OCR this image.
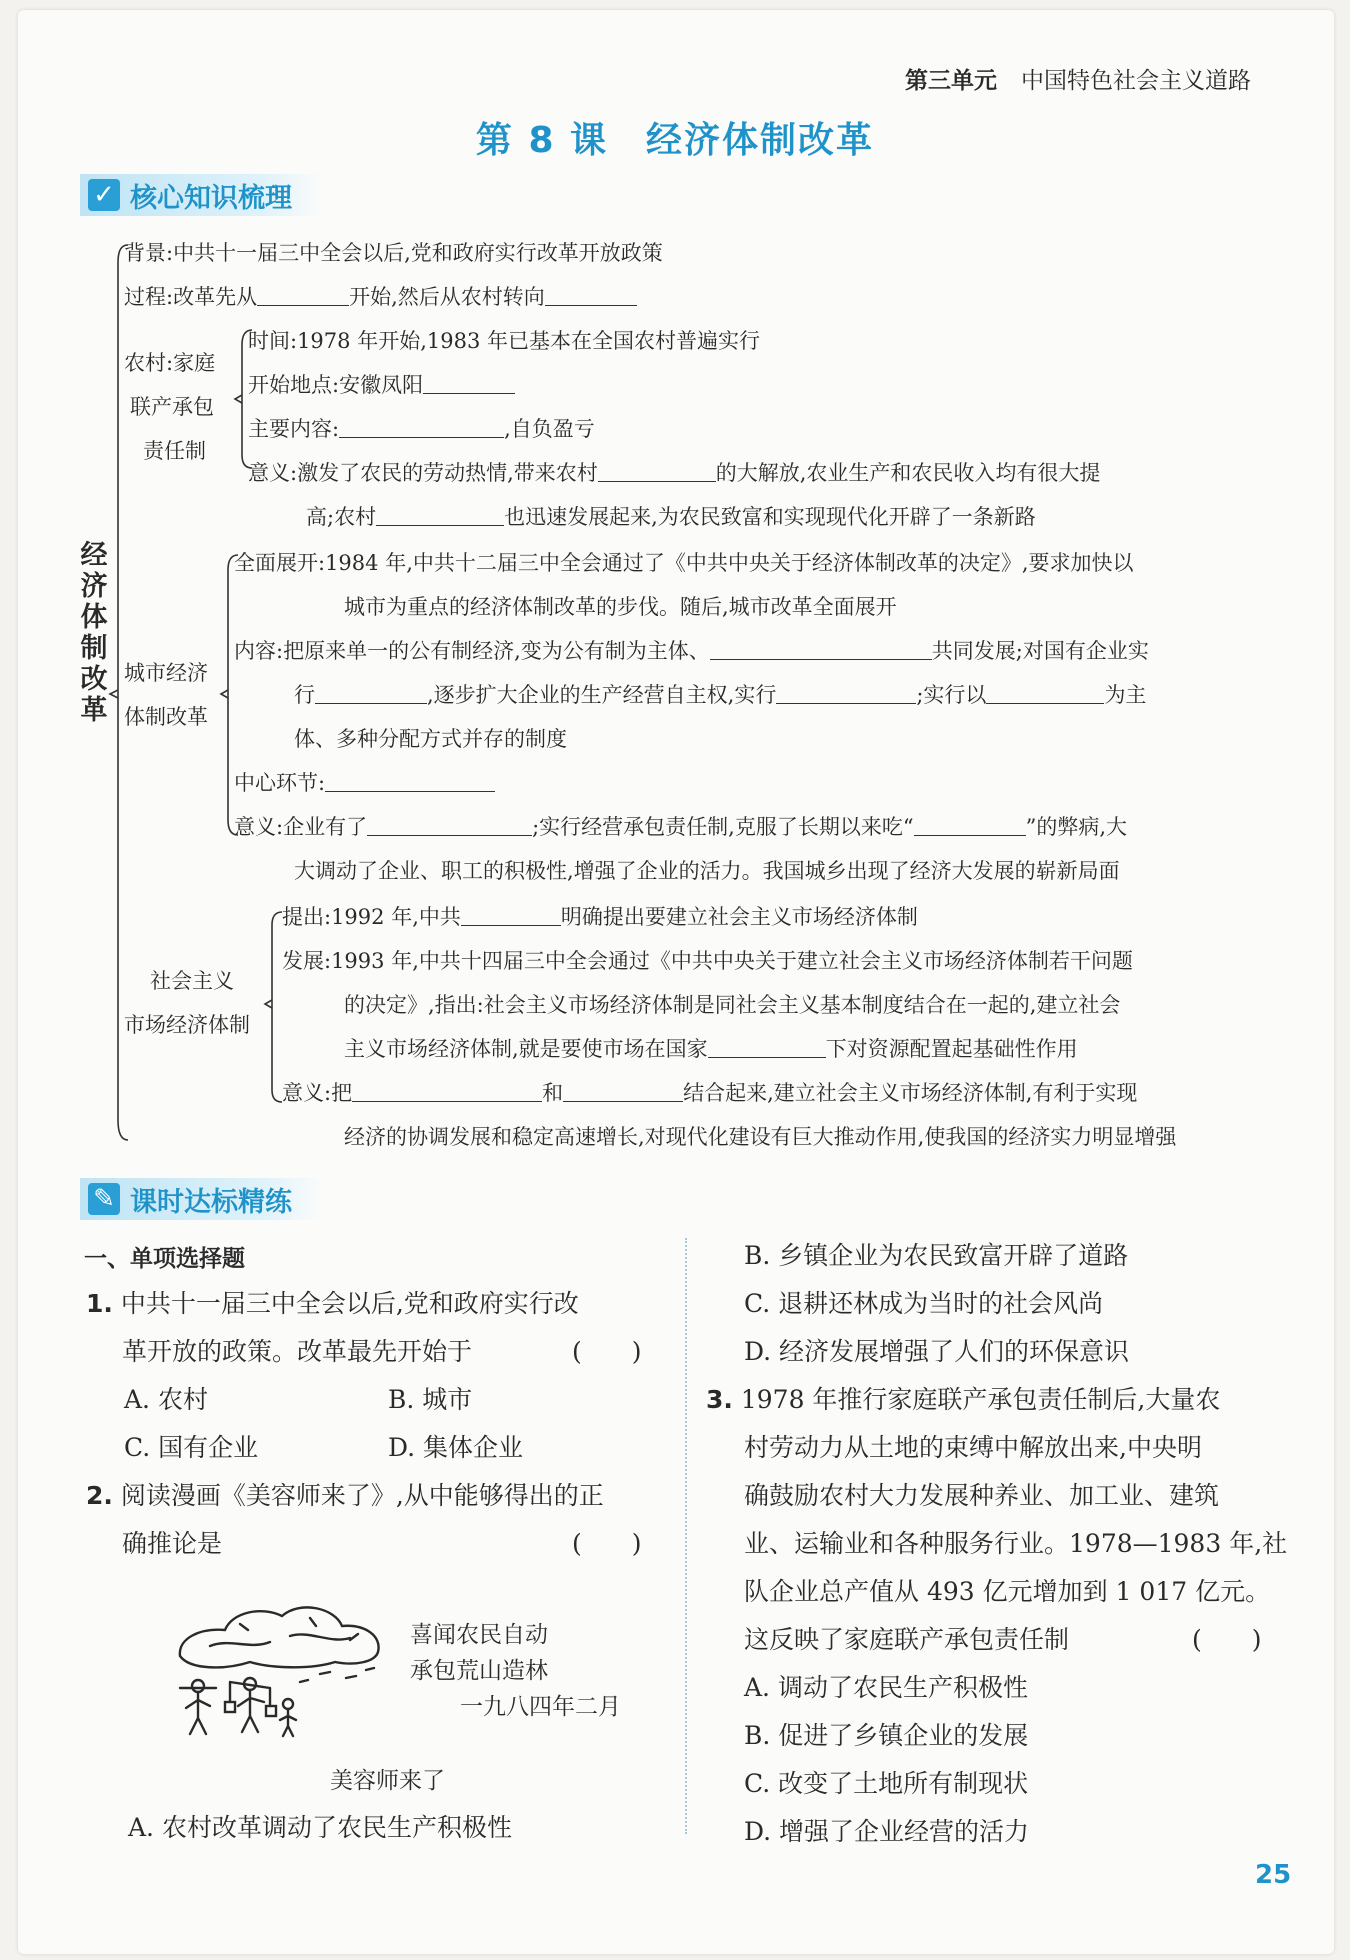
第三单元 中国特色社会主义道路
第 8 课 经济体制改革
✓ 核心知识梳理
经济体制改革
背景:中共十一届三中全会以后,党和政府实行改革开放政策
过程:改革先从	开始,然后从农村转向
农村:家庭
联产承包
责任制
时间:1978 年开始,1983 年已基本在全国农村普遍实行
开始地点:安徽凤阳
主要内容:	,自负盈亏
意义:激发了农民的劳动热情,带来农村	的大解放,农业生产和农民收入均有很大提
高;农村	也迅速发展起来,为农民致富和实现现代化开辟了一条新路
城市经济
体制改革
全面展开:1984 年,中共十二届三中全会通过了《中共中央关于经济体制改革的决定》,要求加快以
城市为重点的经济体制改革的步伐。随后,城市改革全面展开
内容:把原来单一的公有制经济,变为公有制为主体、	共同发展;对国有企业实
行	,逐步扩大企业的生产经营自主权,实行	;实行以	为主
体、多种分配方式并存的制度
中心环节:
意义:企业有了	;实行经营承包责任制,克服了长期以来吃“	”的弊病,大
大调动了企业、职工的积极性,增强了企业的活力。我国城乡出现了经济大发展的崭新局面
社会主义
市场经济体制
提出:1992 年,中共	明确提出要建立社会主义市场经济体制
发展:1993 年,中共十四届三中全会通过《中共中央关于建立社会主义市场经济体制若干问题
的决定》,指出:社会主义市场经济体制是同社会主义基本制度结合在一起的,建立社会
主义市场经济体制,就是要使市场在国家	下对资源配置起基础性作用
意义:把	和	结合起来,建立社会主义市场经济体制,有利于实现
经济的协调发展和稳定高速增长,对现代化建设有巨大推动作用,使我国的经济实力明显增强
✎ 课时达标精练
一、单项选择题
1. 中共十一届三中全会以后,党和政府实行改
革开放的政策。改革最先开始于	(　　)
A. 农村	B. 城市
C. 国有企业	D. 集体企业
2. 阅读漫画《美容师来了》,从中能够得出的正
确推论是	(　　)
喜闻农民自动
承包荒山造林
一九八四年二月
美容师来了
A. 农村改革调动了农民生产积极性
B. 乡镇企业为农民致富开辟了道路
C. 退耕还林成为当时的社会风尚
D. 经济发展增强了人们的环保意识
3. 1978 年推行家庭联产承包责任制后,大量农
村劳动力从土地的束缚中解放出来,中央明
确鼓励农村大力发展种养业、加工业、建筑
业、运输业和各种服务行业。1978—1983 年,社
队企业总产值从 493 亿元增加到 1 017 亿元。
这反映了家庭联产承包责任制	(　　)
A. 调动了农民生产积极性
B. 促进了乡镇企业的发展
C. 改变了土地所有制现状
D. 增强了企业经营的活力
25
